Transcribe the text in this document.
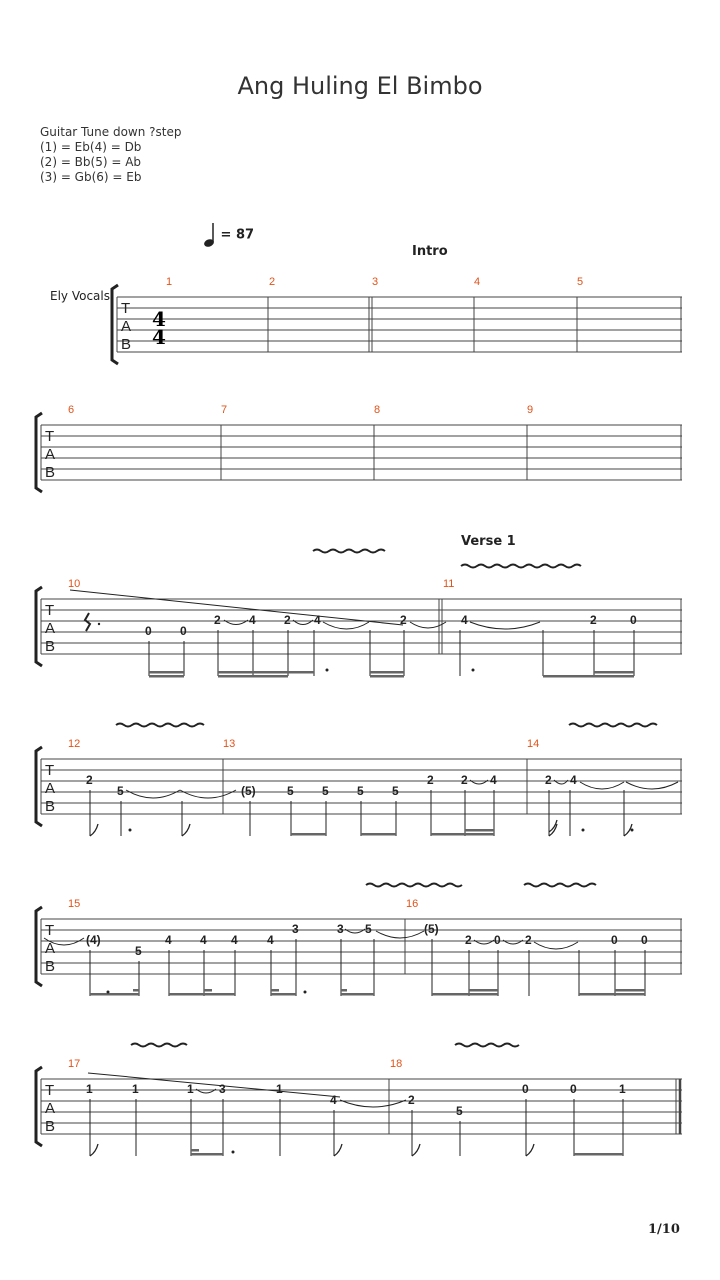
Ang Huling El Bimbo
Guitar Tune down ?step
(1) = Eb(4) = Db
(2) = Bb(5) = Ab
(3) = Gb(6) = Eb
= 87
Intro
Verse 1
Ely Vocals
T
A
B
4
4
1	2	3	4	5
T
A
B
6	7	8	9
T
A
B
10	11
0 0
2 4 2 4	2	4	2	0
T
A
B
12	13	14
2
5	(5)	5 5 5 5
2 2 4	2 4
T
A
B
15	16
(4)
5
4 4 4 4
3	3 5	(5)
2 0 2	0 0
T
A
B
17	18
1	1	1 3	1
4	2
5
0	0	1
1/10
